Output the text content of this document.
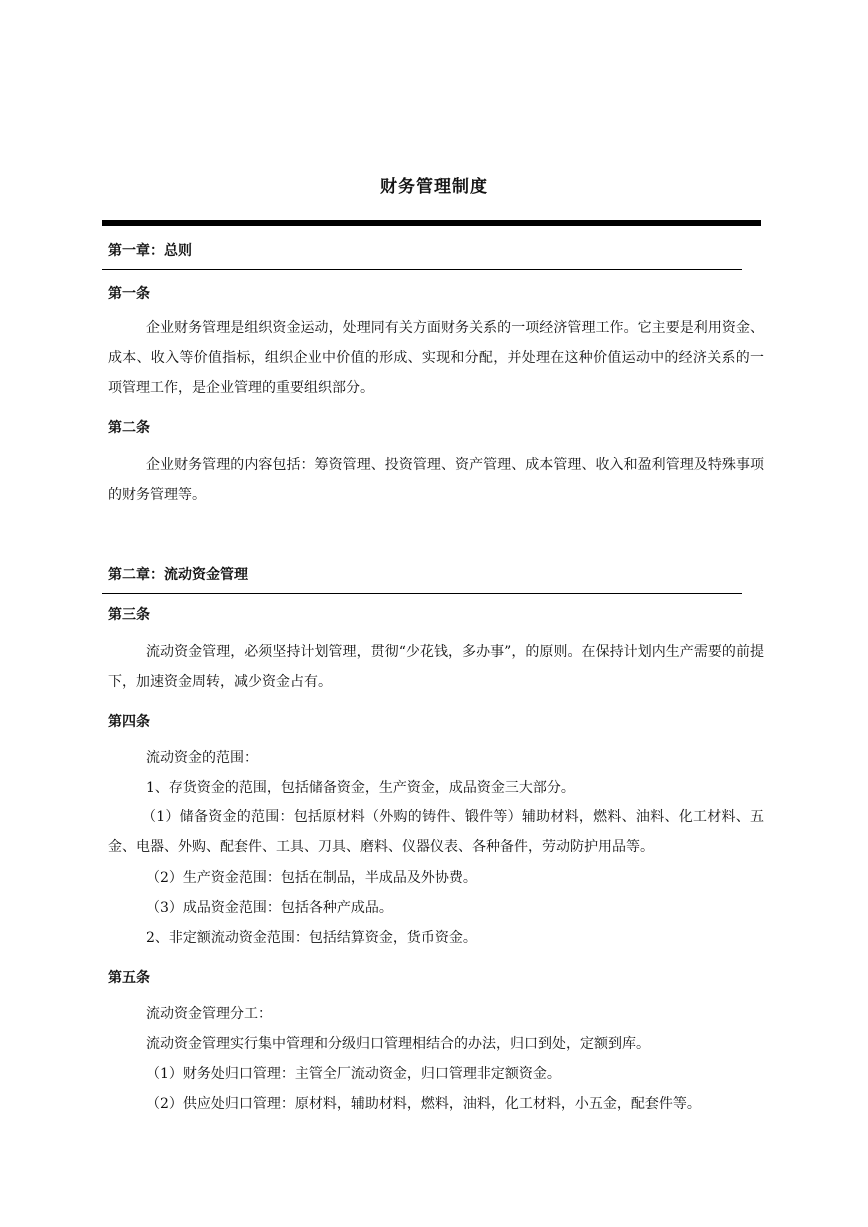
财务管理制度
第一章：总则
第一条
企业财务管理是组织资金运动，处理同有关方面财务关系的一项经济管理工作。它主要是利用资金、成本、收入等价值指标，组织企业中价值的形成、实现和分配，并处理在这种价值运动中的经济关系的一项管理工作，是企业管理的重要组织部分。
第二条
企业财务管理的内容包括：筹资管理、投资管理、资产管理、成本管理、收入和盈利管理及特殊事项的财务管理等。
第二章：流动资金管理
第三条
流动资金管理，必须坚持计划管理，贯彻“少花钱，多办事”，的原则。在保持计划内生产需要的前提下，加速资金周转，减少资金占有。
第四条
流动资金的范围：
1、存货资金的范围，包括储备资金，生产资金，成品资金三大部分。
（1）储备资金的范围：包括原材料（外购的铸件、锻件等）辅助材料，燃料、油料、化工材料、五金、电器、外购、配套件、工具、刀具、磨料、仪器仪表、各种备件，劳动防护用品等。
（2）生产资金范围：包括在制品，半成品及外协费。
（3）成品资金范围：包括各种产成品。
2、非定额流动资金范围：包括结算资金，货币资金。
第五条
流动资金管理分工：
流动资金管理实行集中管理和分级归口管理相结合的办法，归口到处，定额到库。
（1）财务处归口管理：主管全厂流动资金，归口管理非定额资金。
（2）供应处归口管理：原材料，辅助材料，燃料，油料，化工材料，小五金，配套件等。
